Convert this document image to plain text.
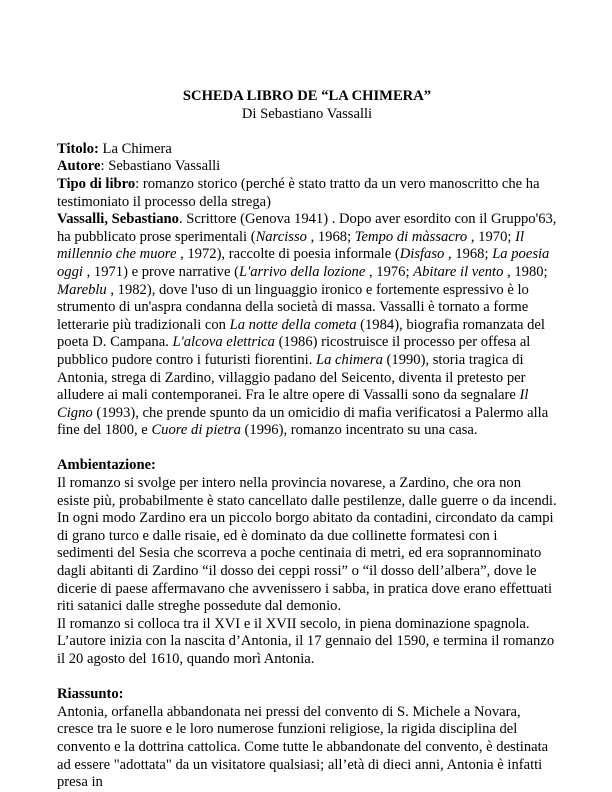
SCHEDA LIBRO DE “LA CHIMERA”
Di Sebastiano Vassalli

Titolo: La Chimera

Autore: Sebastiano Vassalli

Tipo di libro: romanzo storico (perché è stato tratto da un vero manoscritto che ha testimoniato il processo della strega)

Vassalli, Sebastiano. Scrittore (Genova 1941) . Dopo aver esordito con il Gruppo'63, ha pubblicato prose sperimentali (Narcisso , 1968; Tempo di màssacro , 1970; Il millennio che muore , 1972), raccolte di poesia informale (Disfaso , 1968; La poesia oggi , 1971) e prove narrative (L'arrivo della lozione , 1976; Abitare il vento , 1980; Mareblu , 1982), dove l'uso di un linguaggio ironico e fortemente espressivo è lo strumento di un'aspra condanna della società di massa. Vassalli è tornato a forme letterarie più tradizionali con La notte della cometa (1984), biografia romanzata del poeta D. Campana. L'alcova elettrica (1986) ricostruisce il processo per offesa al pubblico pudore contro i futuristi fiorentini. La chimera (1990), storia tragica di Antonia, strega di Zardino, villaggio padano del Seicento, diventa il pretesto per alludere ai mali contemporanei. Fra le altre opere di Vassalli sono da segnalare Il Cigno (1993), che prende spunto da un omicidio di mafia verificatosi a Palermo alla fine del 1800, e Cuore di pietra (1996), romanzo incentrato su una casa.

Ambientazione:

Il romanzo si svolge per intero nella provincia novarese, a Zardino, che ora non esiste più, probabilmente è stato cancellato dalle pestilenze, dalle guerre o da incendi. In ogni modo Zardino era un piccolo borgo abitato da contadini, circondato da campi di grano turco e dalle risaie, ed è dominato da due collinette formatesi con i sedimenti del Sesia che scorreva a poche centinaia di metri, ed era soprannominato dagli abitanti di Zardino “il dosso dei ceppi rossi” o “il dosso dell’albera”, dove le dicerie di paese affermavano che avvenissero i sabba, in pratica dove erano effettuati riti satanici dalle streghe possedute dal demonio.

Il romanzo si colloca tra il XVI e il XVII secolo, in piena dominazione spagnola.

L’autore inizia con la nascita d’Antonia, il 17 gennaio del 1590, e termina il romanzo il 20 agosto del 1610, quando morì Antonia.

Riassunto:

Antonia, orfanella abbandonata nei pressi del convento di S. Michele a Novara, cresce tra le suore e le loro numerose funzioni religiose, la rigida disciplina del convento e la dottrina cattolica. Come tutte le abbandonate del convento, è destinata ad essere "adottata" da un visitatore qualsiasi; all’età di dieci anni, Antonia è infatti presa in
